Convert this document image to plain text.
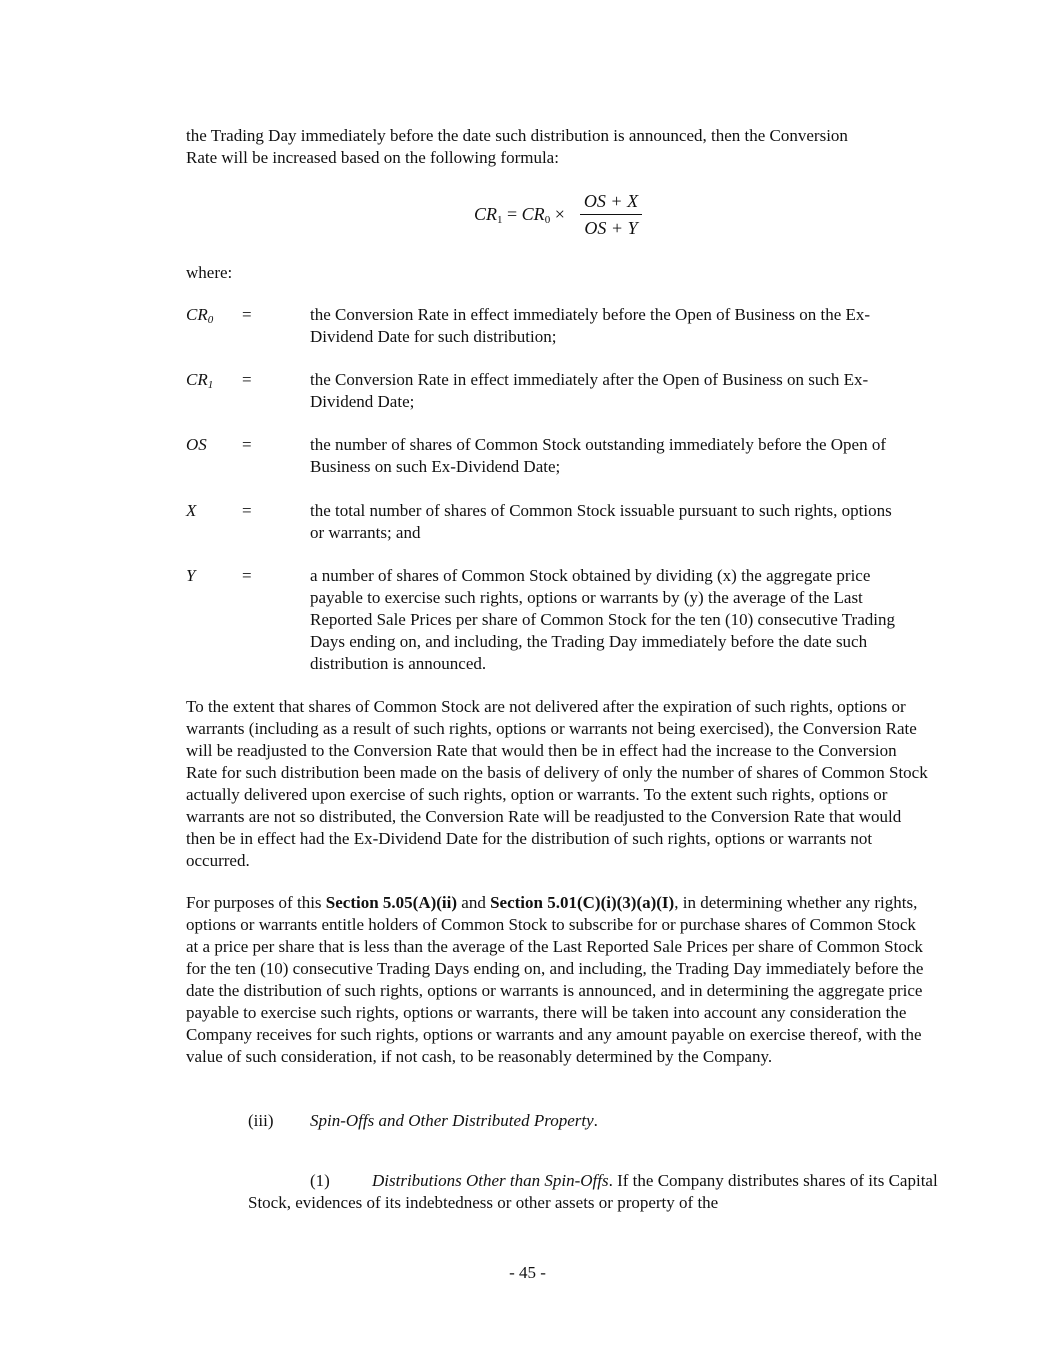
the Trading Day immediately before the date such distribution is announced, then the Conversion
Rate will be increased based on the following formula:

$CR_1 = CR_0$ ×
OS + X
OS + Y

where:

$CR_0$ =	the Conversion Rate in effect immediately before the Open of Business on the Ex-Dividend Date for such distribution;
$CR_1$ =	the Conversion Rate in effect immediately after the Open of Business on such Ex-Dividend Date;
OS =	the number of shares of Common Stock outstanding immediately before the Open of Business on such Ex-Dividend Date;
X	=	the total number of shares of Common Stock issuable pursuant to such rights, options or warrants; and
Y	=	a number of shares of Common Stock obtained by dividing (x) the aggregate price payable to exercise such rights, options or warrants by (y) the average of the Last Reported Sale Prices per share of Common Stock for the ten (10) consecutive Trading Days ending on, and including, the Trading Day immediately before the date such distribution is announced.

To the extent that shares of Common Stock are not delivered after the expiration of such rights, options or warrants (including as a result of such rights, options or warrants not being exercised), the Conversion Rate will be readjusted to the Conversion Rate that would then be in effect had the increase to the Conversion Rate for such distribution been made on the basis of delivery of only the number of shares of Common Stock actually delivered upon exercise of such rights, option or warrants. To the extent such rights, options or warrants are not so distributed, the Conversion Rate will be readjusted to the Conversion Rate that would then be in effect had the Ex-Dividend Date for the distribution of such rights, options or warrants not occurred.

For purposes of this Section 5.05(A)(ii) and Section 5.01(C)(i)(3)(a)(I), in determining whether any rights, options or warrants entitle holders of Common Stock to subscribe for or purchase shares of Common Stock at a price per share that is less than the average of the Last Reported Sale Prices per share of Common Stock for the ten (10) consecutive Trading Days ending on, and including, the Trading Day immediately before the date the distribution of such rights, options or warrants is announced, and in determining the aggregate price payable to exercise such rights, options or warrants, there will be taken into account any consideration the Company receives for such rights, options or warrants and any amount payable on exercise thereof, with the value of such consideration, if not cash, to be reasonably determined by the Company.

(iii) Spin-Offs and Other Distributed Property.

(1) Distributions Other than Spin-Offs. If the Company distributes shares of its Capital Stock, evidences of its indebtedness or other assets or property of the

- 45 -
